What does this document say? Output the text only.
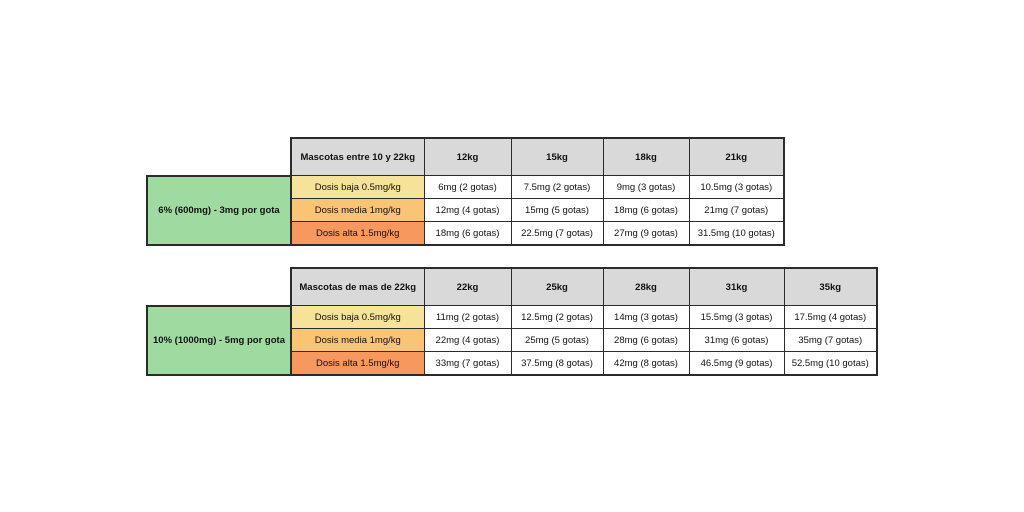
	Mascotas entre 10 y 22kg	12kg	15kg	18kg	21kg
6% (600mg) - 3mg por gota	Dosis baja 0.5mg/kg	6mg (2 gotas)	7.5mg (2 gotas)	9mg (3 gotas)	10.5mg (3 gotas)
	Dosis media 1mg/kg	12mg (4 gotas)	15mg (5 gotas)	18mg (6 gotas)	21mg (7 gotas)
	Dosis alta 1.5mg/kg	18mg (6 gotas)	22.5mg (7 gotas)	27mg (9 gotas)	31.5mg (10 gotas)
	Mascotas de mas de 22kg	22kg	25kg	28kg	31kg	35kg
10% (1000mg) - 5mg por gota	Dosis baja 0.5mg/kg	11mg (2 gotas)	12.5mg (2 gotas)	14mg (3 gotas)	15.5mg (3 gotas)	17.5mg (4 gotas)
	Dosis media 1mg/kg	22mg (4 gotas)	25mg (5 gotas)	28mg (6 gotas)	31mg (6 gotas)	35mg (7 gotas)
	Dosis alta 1.5mg/kg	33mg (7 gotas)	37.5mg (8 gotas)	42mg (8 gotas)	46.5mg (9 gotas)	52.5mg (10 gotas)
